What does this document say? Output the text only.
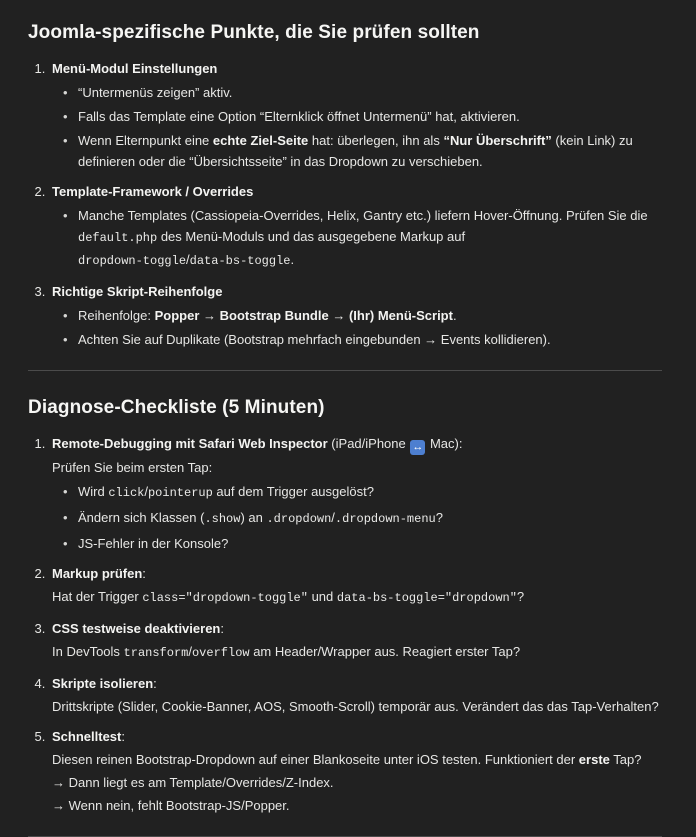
Joomla-spezifische Punkte, die Sie prüfen sollten

1. Menü-Modul Einstellungen

• “Untermenüs zeigen” aktiv.
• Falls das Template eine Option “Elternklick öffnet Untermenü” hat, aktivieren.
• Wenn Elternpunkt eine echte Ziel-Seite hat: überlegen, ihn als “Nur Überschrift” (kein Link) zu definieren oder die “Übersichtsseite” in das Dropdown zu verschieben.

2. Template-Framework / Overrides

• Manche Templates (Cassiopeia-Overrides, Helix, Gantry etc.) liefern Hover-Öffnung. Prüfen Sie die default.php des Menü-Moduls und das ausgegebene Markup auf dropdown-toggle/data-bs-toggle.

3. Richtige Skript-Reihenfolge

• Reihenfolge: Popper → Bootstrap Bundle → (Ihr) Menü-Script.
• Achten Sie auf Duplikate (Bootstrap mehrfach eingebunden → Events kollidieren).
Diagnose-Checkliste (5 Minuten)

1. Remote-Debugging mit Safari Web Inspector (iPad/iPhone ↔ Mac):

Prüfen Sie beim ersten Tap:

• Wird click/pointerup auf dem Trigger ausgelöst?
• Ändern sich Klassen (.show) an .dropdown/.dropdown-menu?
• JS-Fehler in der Konsole?

2. Markup prüfen:

Hat der Trigger class="dropdown-toggle" und data-bs-toggle="dropdown"?

3. CSS testweise deaktivieren:

In DevTools transform/overflow am Header/Wrapper aus. Reagiert erster Tap?

4. Skripte isolieren:

Drittskripte (Slider, Cookie-Banner, AOS, Smooth-Scroll) temporär aus. Verändert das das Tap-Verhalten?

5. Schnelltest:

Diesen reinen Bootstrap-Dropdown auf einer Blankoseite unter iOS testen. Funktioniert der erste Tap?

→ Dann liegt es am Template/Overrides/Z-Index.

→ Wenn nein, fehlt Bootstrap-JS/Popper.
